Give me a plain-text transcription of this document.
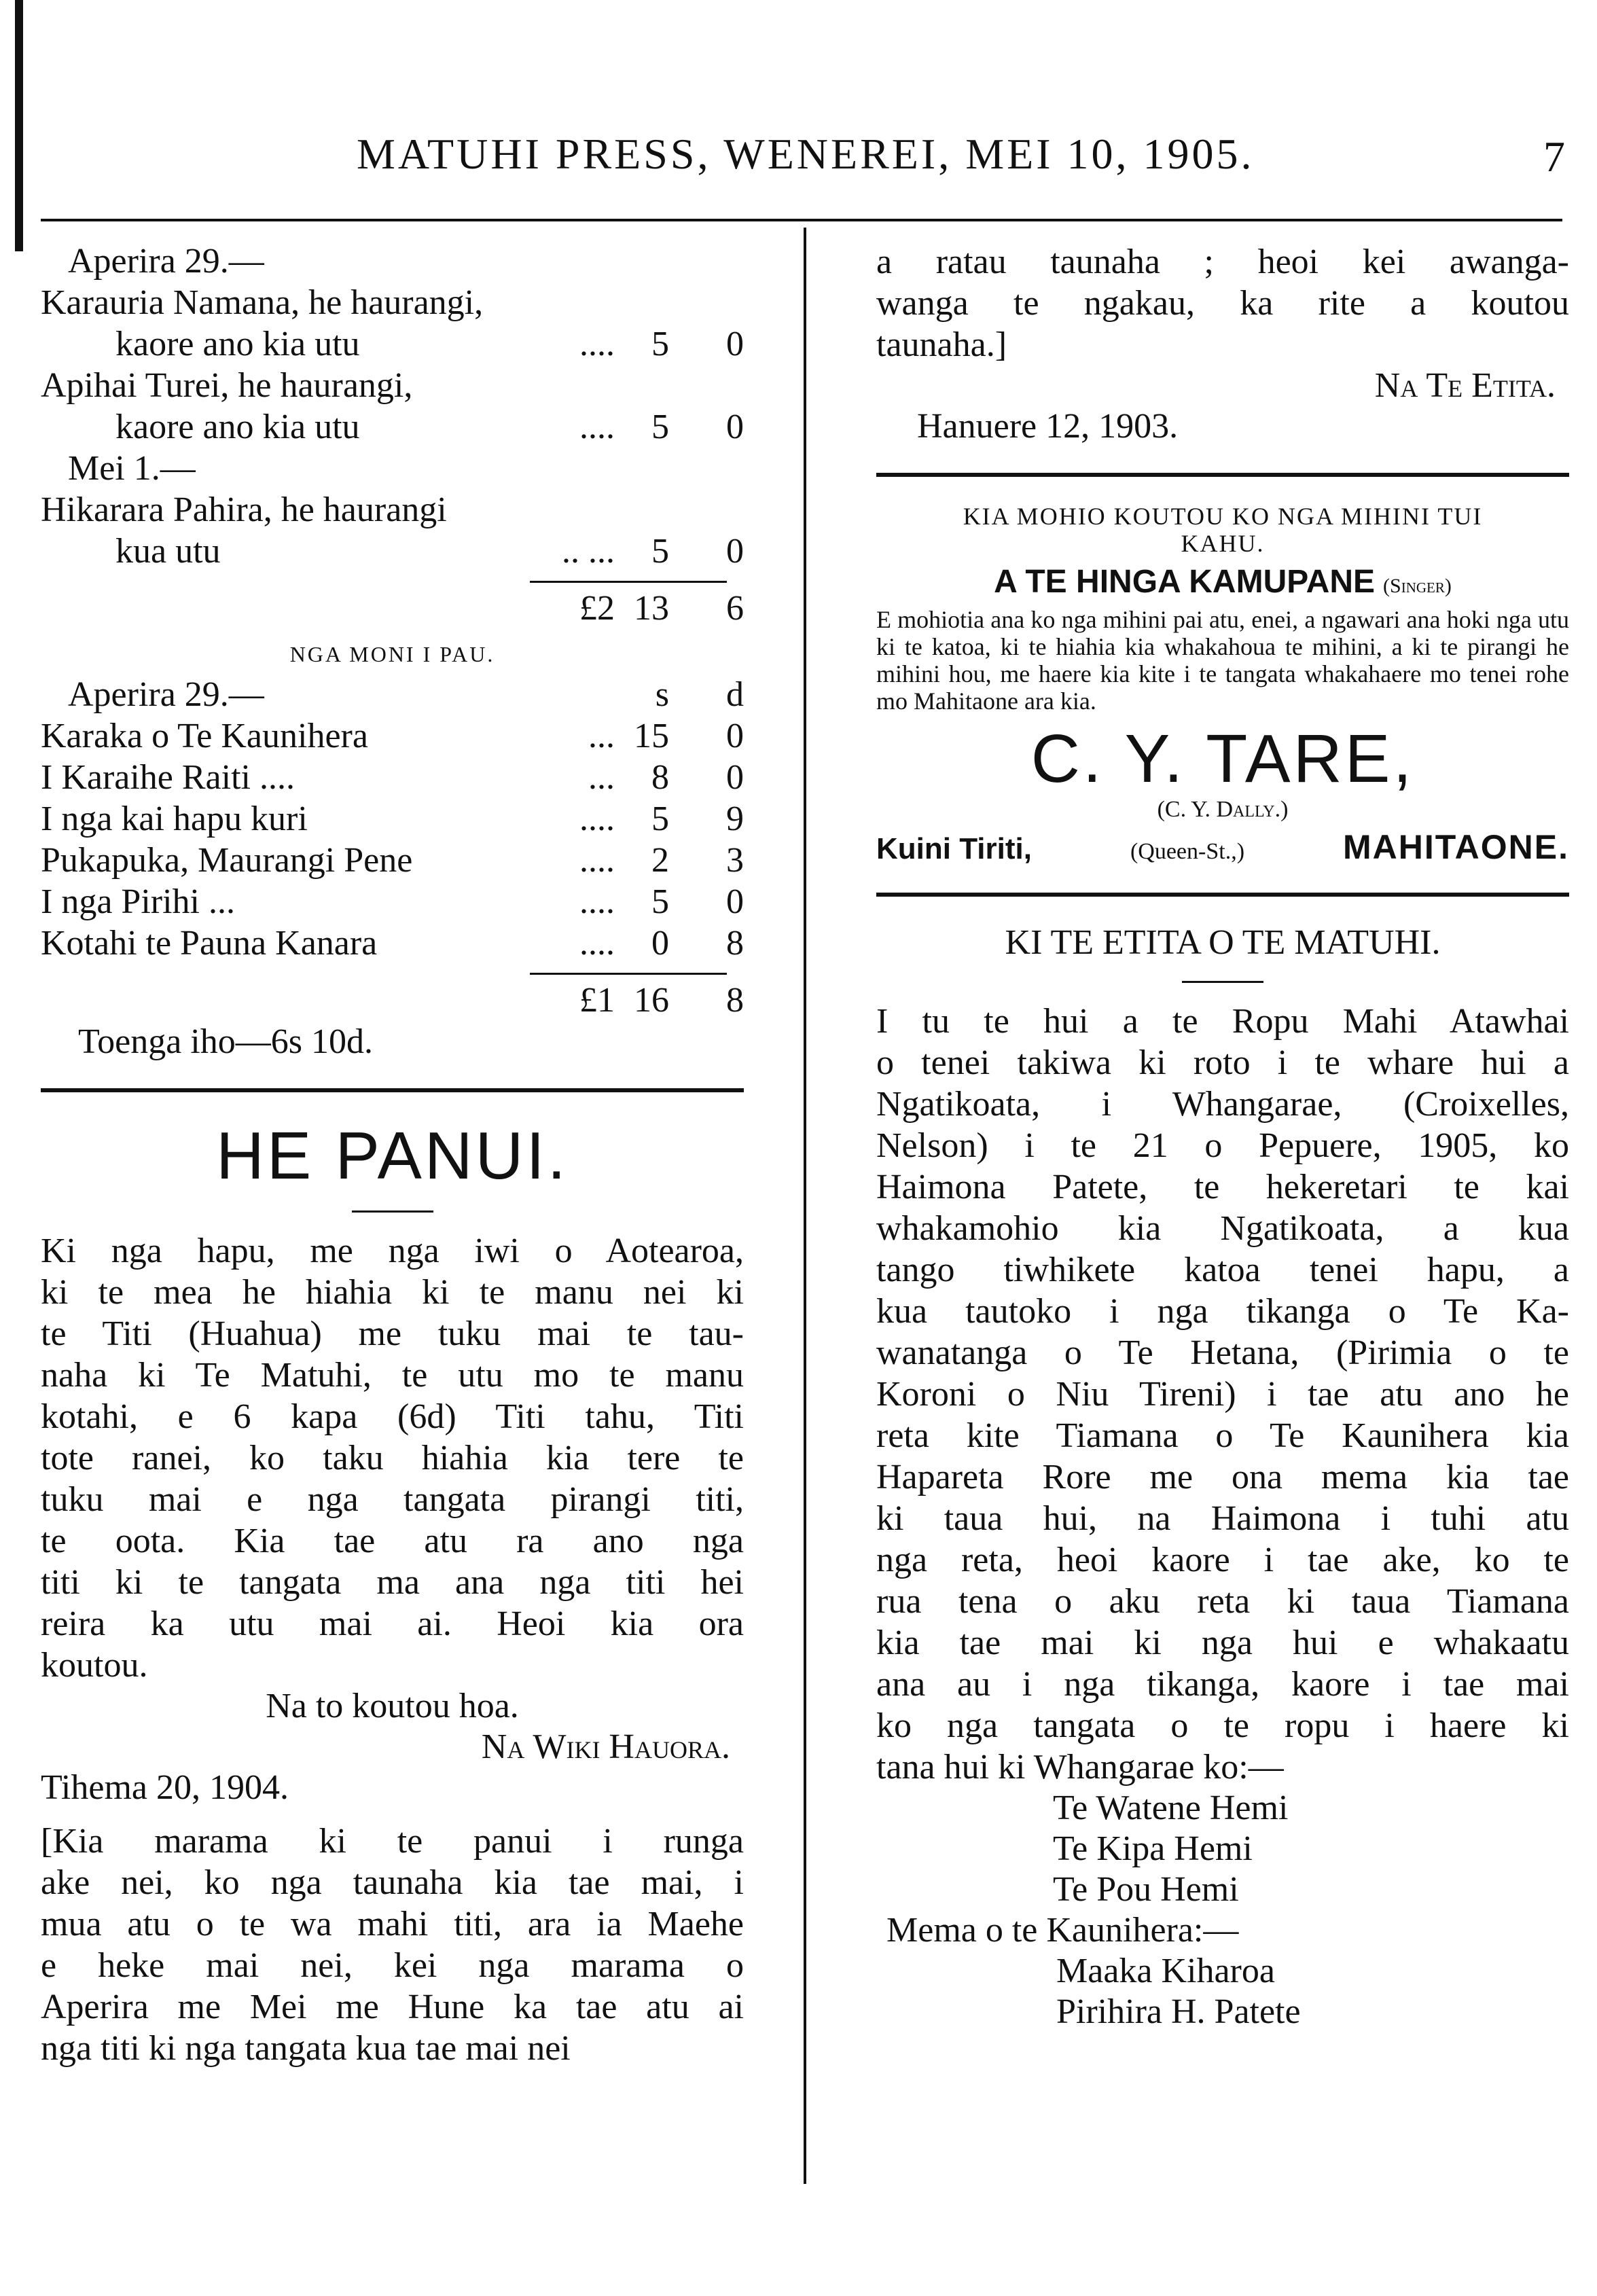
MATUHI PRESS, WENEREI, MEI 10, 1905.	7
Aperira 29.—
Karauria Namana, he haurangi,
kaore ano kia utu	....	5	0
Apihai Turei, he haurangi,
kaore ano kia utu	....	5	0
Mei 1.—
Hikarara Pahira, he haurangi
kua utu	.. ...	5	0
£2 13	6
NGA MONI I PAU.
Aperira 29.—	s	d
Karaka o Te Kaunihera	... 15	0
I Karaihe Raiti ....	...	8	0
I nga kai hapu kuri	....	5	9
Pukapuka, Maurangi Pene	....	2	3
I nga Pirihi ...	....	5	0
Kotahi te Pauna Kanara	....	0	8
£1 16	8
Toenga iho—6s 10d.
HE PANUI.
Ki nga hapu, me nga iwi o Aotearoa,
ki te mea he hiahia ki te manu nei ki
te Titi (Huahua) me tuku mai te tau-
naha ki Te Matuhi, te utu mo te manu
kotahi, e 6 kapa (6d) Titi tahu, Titi
tote ranei, ko taku hiahia kia tere te
tuku mai e nga tangata pirangi titi,
te oota. Kia tae atu ra ano nga
titi ki te tangata ma ana nga titi hei
reira ka utu mai ai. Heoi kia ora
koutou.
Na to koutou hoa.
Na Wiki Hauora.
Tihema 20, 1904.
[Kia marama ki te panui i runga
ake nei, ko nga taunaha kia tae mai, i
mua atu o te wa mahi titi, ara ia Maehe
e heke mai nei, kei nga marama o
Aperira me Mei me Hune ka tae atu ai
nga titi ki nga tangata kua tae mai nei
a ratau taunaha ; heoi kei awanga-
wanga te ngakau, ka rite a koutou
taunaha.]
Na Te Etita.
Hanuere 12, 1903.
KIA MOHIO KOUTOU KO NGA MIHINI TUI KAHU.
A TE HINGA KAMUPANE (Singer)
E mohiotia ana ko nga mihini pai atu, enei, a ngawari ana hoki nga utu ki te katoa, ki te hiahia kia whakahoua te mihini, a ki te pirangi he mihini hou, me haere kia kite i te tangata whakahaere mo tenei rohe mo Mahitaone ara kia.
C. Y. TARE,
(C. Y. Dally.)
Kuini Tiriti,	(Queen-St.,)	MAHITAONE.
KI TE ETITA O TE MATUHI.
I tu te hui a te Ropu Mahi Atawhai
o tenei takiwa ki roto i te whare hui a
Ngatikoata, i Whangarae, (Croixelles,
Nelson) i te 21 o Pepuere, 1905, ko
Haimona Patete, te hekeretari te kai
whakamohio kia Ngatikoata, a kua
tango tiwhikete katoa tenei hapu, a
kua tautoko i nga tikanga o Te Ka-
wanatanga o Te Hetana, (Pirimia o te
Koroni o Niu Tireni) i tae atu ano he
reta kite Tiamana o Te Kaunihera kia
Hapareta Rore me ona mema kia tae
ki taua hui, na Haimona i tuhi atu
nga reta, heoi kaore i tae ake, ko te
rua tena o aku reta ki taua Tiamana
kia tae mai ki nga hui e whakaatu
ana au i nga tikanga, kaore i tae mai
ko nga tangata o te ropu i haere ki
tana hui ki Whangarae ko:—
Te Watene Hemi
Te Kipa Hemi
Te Pou Hemi
Mema o te Kaunihera:—
Maaka Kiharoa
Pirihira H. Patete
